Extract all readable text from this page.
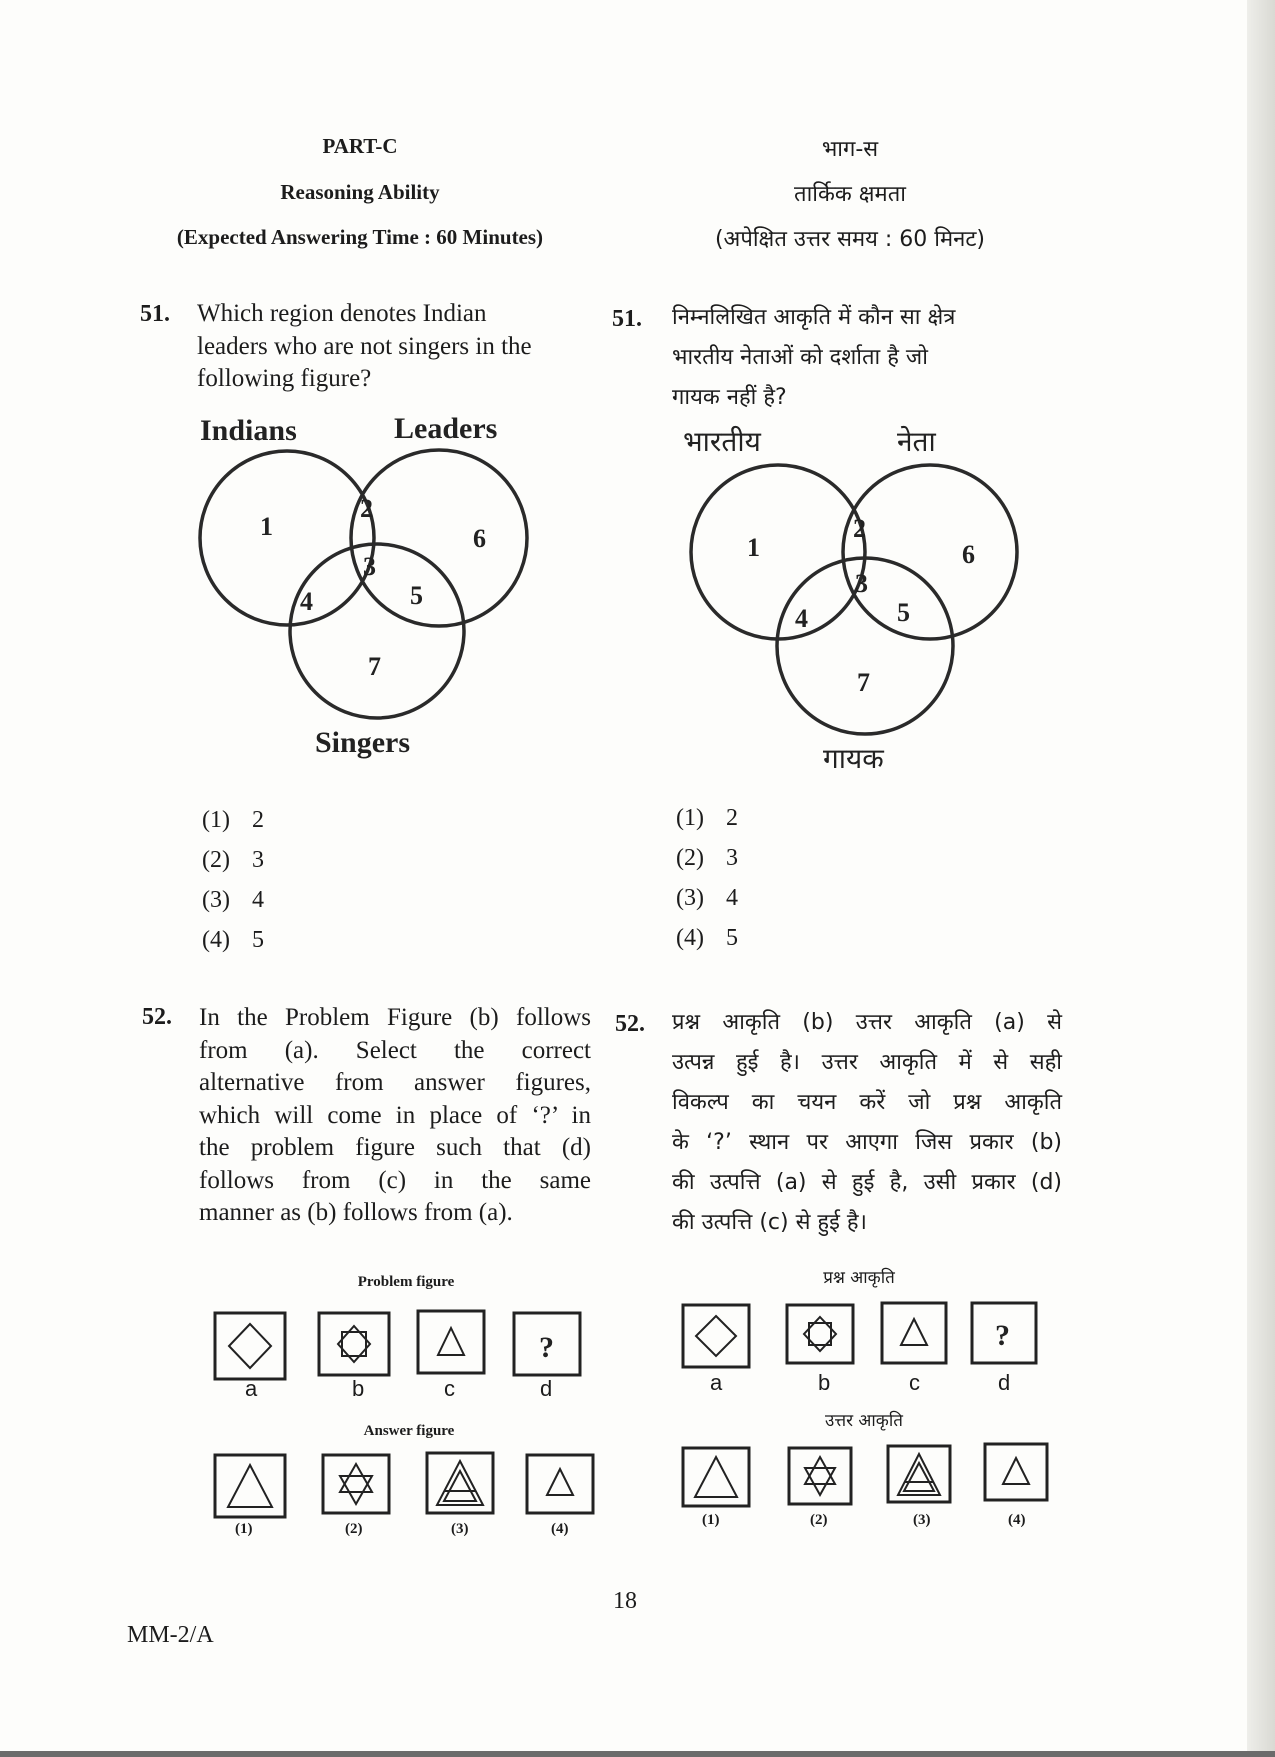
PART-C
Reasoning Ability
(Expected Answering Time : 60 Minutes)
भाग-स
तार्किक क्षमता
(अपेक्षित उत्तर समय : 60 मिनट)
51. Which region denotes Indian
leaders who are not singers in the
following figure?
51. निम्नलिखित आकृति में कौन सा क्षेत्र
भारतीय नेताओं को दर्शाता है जो
गायक नहीं है?
Indians	Leaders
Singers
1
2
3
4	5
6
7
भारतीय	नेता
गायक
1
2
3
4	5
6
7
(1) 2
(2) 3
(3) 4
(4) 5
(1) 2
(2) 3
(3) 4
(4) 5
52. In the Problem Figure (b) follows
from (a). Select the correct
alternative from answer figures,
which will come in place of ‘?’ in
the problem figure such that (d)
follows from (c) in the same
manner as (b) follows from (a).
52. प्रश्न आकृति (b) उत्तर आकृति (a) से
उत्पन्न हुई है। उत्तर आकृति में से सही
विकल्प का चयन करें जो प्रश्न आकृति
के ‘?’ स्थान पर आएगा जिस प्रकार (b)
की उत्पत्ति (a) से हुई है, उसी प्रकार (d)
की उत्पत्ति (c) से हुई है।
Problem figure
?
a	b	c	d
Answer figure
(1)	(2)	(3)	(4)
प्रश्न आकृति
?
a	b	c	d
उत्तर आकृति
(1)	(2)	(3)	(4)
18
MM-2/A
